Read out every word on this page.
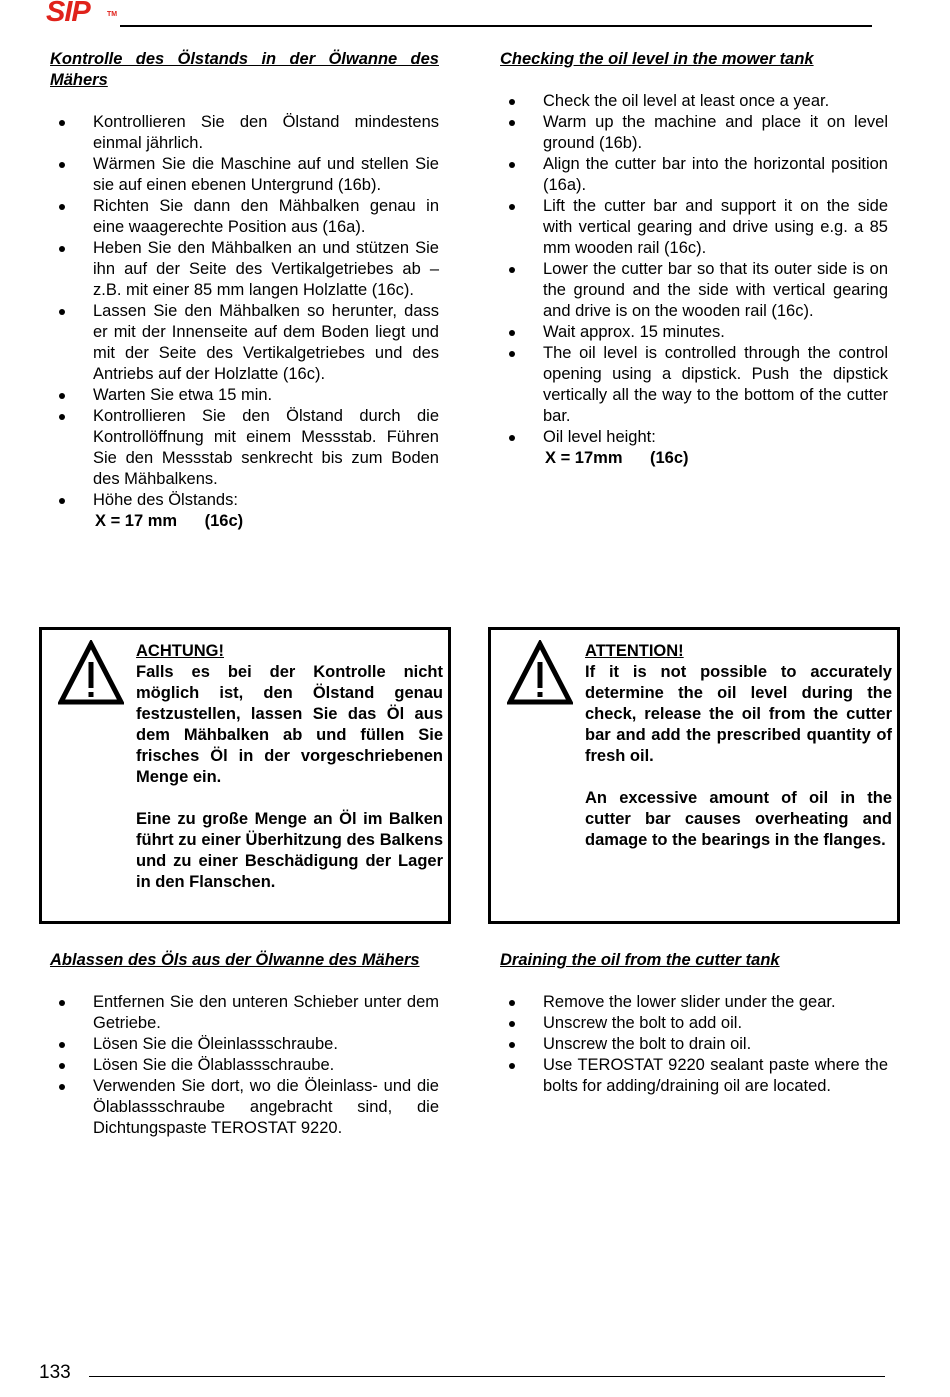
SIP TM
Kontrolle des Ölstands in der Ölwanne des Mähers
Kontrollieren Sie den Ölstand mindestens einmal jährlich.
Wärmen Sie die Maschine auf und stellen Sie sie auf einen ebenen Untergrund (16b).
Richten Sie dann den Mähbalken genau in eine waagerechte Position aus (16a).
Heben Sie den Mähbalken an und stützen Sie ihn auf der Seite des Vertikalgetriebes ab – z.B. mit einer 85 mm langen Holzlatte (16c).
Lassen Sie den Mähbalken so herunter, dass er mit der Innenseite auf dem Boden liegt und mit der Seite des Vertikalgetriebes und des Antriebs auf der Holzlatte (16c).
Warten Sie etwa 15 min.
Kontrollieren Sie den Ölstand durch die Kontrollöffnung mit einem Messstab. Führen Sie den Messstab senkrecht bis zum Boden des Mähbalkens.
Höhe des Ölstands:
X = 17 mm      (16c)
Checking the oil level in the mower tank
Check the oil level at least once a year.
Warm up the machine and place it on level ground (16b).
Align the cutter bar into the horizontal position (16a).
Lift the cutter bar and support it on the side with vertical gearing and drive using e.g. a 85 mm wooden rail (16c).
Lower the cutter bar so that its outer side is on the ground and the side with vertical gearing and drive is on the wooden rail (16c).
Wait approx. 15 minutes.
The oil level is controlled through the control opening using a dipstick. Push the dipstick vertically all the way to the bottom of the cutter bar.
Oil level height:
X = 17mm      (16c)
ACHTUNG!

Falls es bei der Kontrolle nicht möglich ist, den Ölstand genau festzustellen, lassen Sie das Öl aus dem Mähbalken ab und füllen Sie frisches Öl in der vorgeschriebenen Menge ein.

Eine zu große Menge an Öl im Balken führt zu einer Überhitzung des Balkens und zu einer Beschädigung der Lager in den Flanschen.

ATTENTION!

If it is not possible to accurately determine the oil level during the check, release the oil from the cutter bar and add the prescribed quantity of fresh oil.

An excessive amount of oil in the cutter bar causes overheating and damage to the bearings in the flanges.

Ablassen des Öls aus der Ölwanne des Mähers
Entfernen Sie den unteren Schieber unter dem Getriebe.
Lösen Sie die Öleinlassschraube.
Lösen Sie die Ölablassschraube.
Verwenden Sie dort, wo die Öleinlass- und die Ölablassschraube angebracht sind, die Dichtungspaste TEROSTAT 9220.
Draining the oil from the cutter tank
Remove the lower slider under the gear.
Unscrew the bolt to add oil.
Unscrew the bolt to drain oil.
Use TEROSTAT 9220 sealant paste where the bolts for adding/draining oil are located.
133
